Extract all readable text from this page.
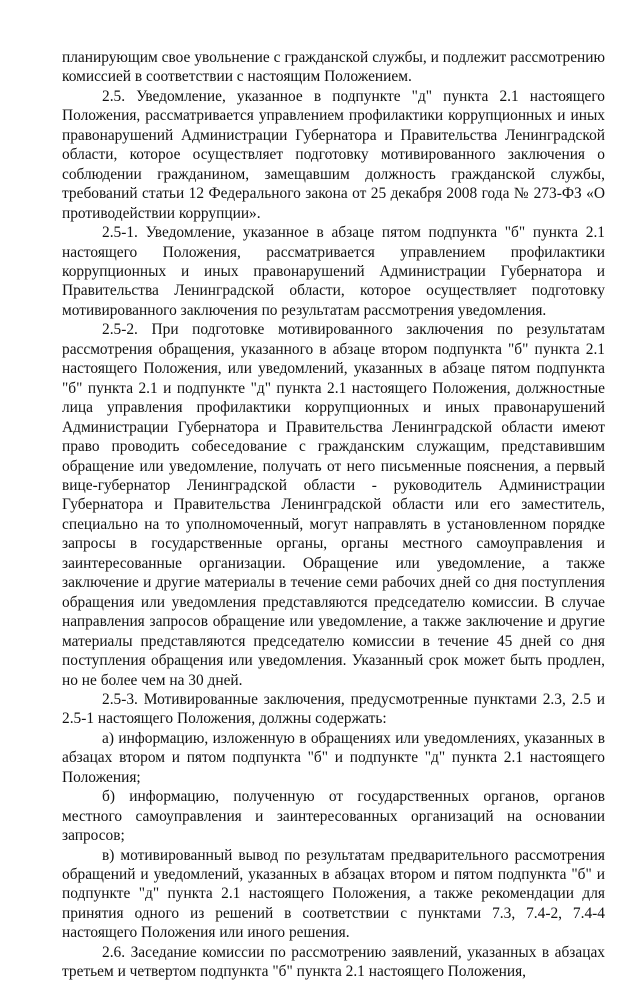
планирующим свое увольнение с гражданской службы, и подлежит рассмотрению комиссией в соответствии с настоящим Положением.

2.5. Уведомление, указанное в подпункте "д" пункта 2.1 настоящего Положения, рассматривается управлением профилактики коррупционных и иных правонарушений Администрации Губернатора и Правительства Ленинградской области, которое осуществляет подготовку мотивированного заключения о соблюдении гражданином, замещавшим должность гражданской службы, требований статьи 12 Федерального закона от 25 декабря 2008 года № 273-ФЗ «О противодействии коррупции».

2.5-1. Уведомление, указанное в абзаце пятом подпункта "б" пункта 2.1 настоящего Положения, рассматривается управлением профилактики коррупционных и иных правонарушений Администрации Губернатора и Правительства Ленинградской области, которое осуществляет подготовку мотивированного заключения по результатам рассмотрения уведомления.

2.5-2. При подготовке мотивированного заключения по результатам рассмотрения обращения, указанного в абзаце втором подпункта "б" пункта 2.1 настоящего Положения, или уведомлений, указанных в абзаце пятом подпункта "б" пункта 2.1 и подпункте "д" пункта 2.1 настоящего Положения, должностные лица управления профилактики коррупционных и иных правонарушений Администрации Губернатора и Правительства Ленинградской области имеют право проводить собеседование с гражданским служащим, представившим обращение или уведомление, получать от него письменные пояснения, а первый вице-губернатор Ленинградской области - руководитель Администрации Губернатора и Правительства Ленинградской области или его заместитель, специально на то уполномоченный, могут направлять в установленном порядке запросы в государственные органы, органы местного самоуправления и заинтересованные организации. Обращение или уведомление, а также заключение и другие материалы в течение семи рабочих дней со дня поступления обращения или уведомления представляются председателю комиссии. В случае направления запросов обращение или уведомление, а также заключение и другие материалы представляются председателю комиссии в течение 45 дней со дня поступления обращения или уведомления. Указанный срок может быть продлен, но не более чем на 30 дней.

2.5-3. Мотивированные заключения, предусмотренные пунктами 2.3, 2.5 и 2.5-1 настоящего Положения, должны содержать:

а) информацию, изложенную в обращениях или уведомлениях, указанных в абзацах втором и пятом подпункта "б" и подпункте "д" пункта 2.1 настоящего Положения;

б) информацию, полученную от государственных органов, органов местного самоуправления и заинтересованных организаций на основании запросов;

в) мотивированный вывод по результатам предварительного рассмотрения обращений и уведомлений, указанных в абзацах втором и пятом подпункта "б" и подпункте "д" пункта 2.1 настоящего Положения, а также рекомендации для принятия одного из решений в соответствии с пунктами 7.3, 7.4-2, 7.4-4 настоящего Положения или иного решения.

2.6. Заседание комиссии по рассмотрению заявлений, указанных в абзацах третьем и четвертом подпункта "б" пункта 2.1 настоящего Положения,
